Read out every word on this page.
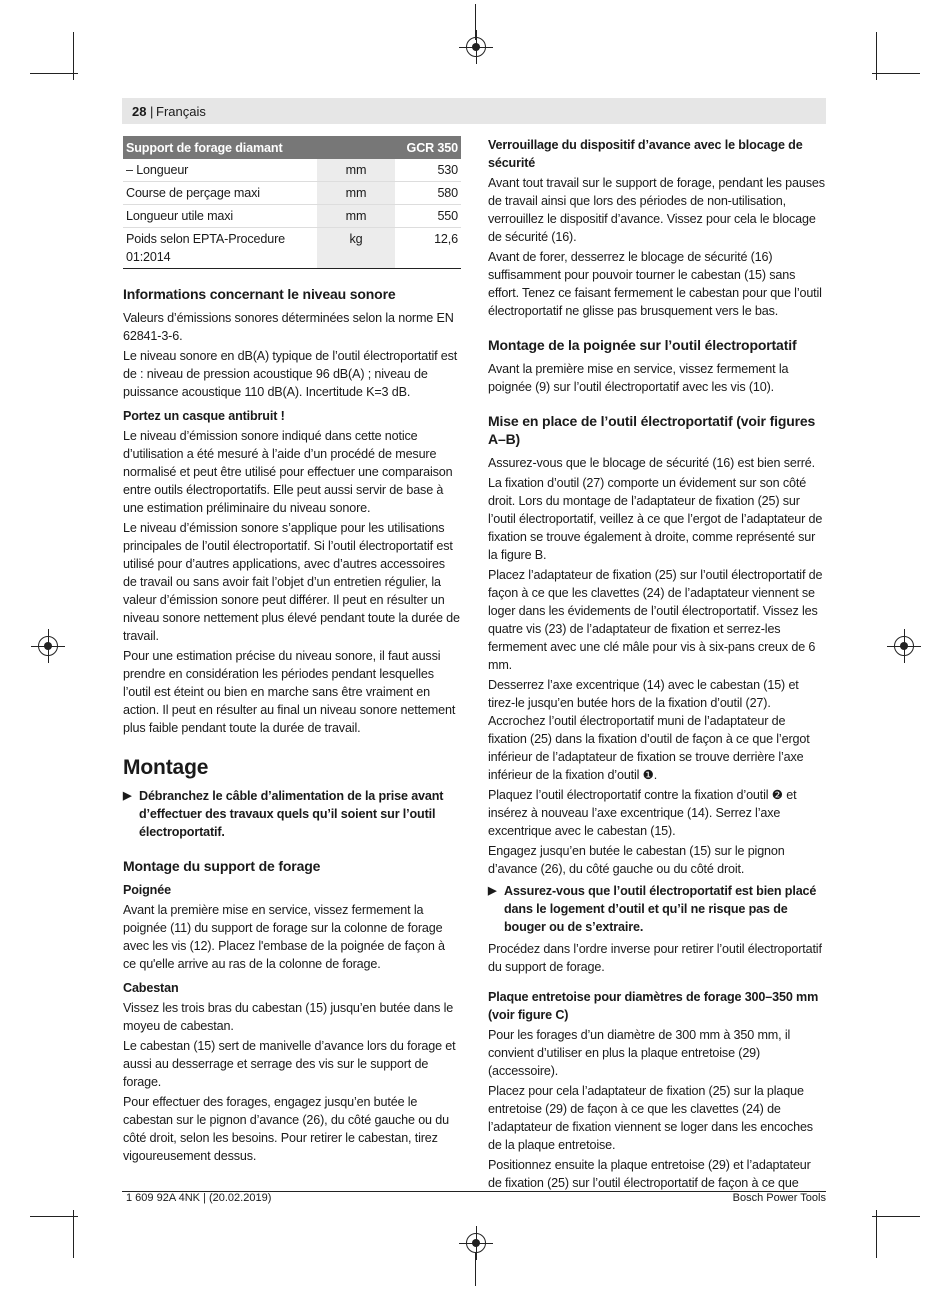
28 | Français
Support de forage diamant		GCR 350
– Longueur	mm	530
Course de perçage maxi	mm	580
Longueur utile maxi	mm	550
Poids selon EPTA-Procedure 01:2014	kg	12,6
Informations concernant le niveau sonore

Valeurs d’émissions sonores déterminées selon la norme EN 62841-3-6.

Le niveau sonore en dB(A) typique de l’outil électroportatif est de : niveau de pression acoustique 96 dB(A) ; niveau de puissance acoustique 110 dB(A). Incertitude K=3 dB.

Portez un casque antibruit !

Le niveau d’émission sonore indiqué dans cette notice d’utilisation a été mesuré à l’aide d’un procédé de mesure normalisé et peut être utilisé pour effectuer une comparaison entre outils électroportatifs. Elle peut aussi servir de base à une estimation préliminaire du niveau sonore.

Le niveau d’émission sonore s’applique pour les utilisations principales de l’outil électroportatif. Si l’outil électroportatif est utilisé pour d’autres applications, avec d’autres accessoires de travail ou sans avoir fait l’objet d’un entretien régulier, la valeur d’émission sonore peut différer. Il peut en résulter un niveau sonore nettement plus élevé pendant toute la durée de travail.

Pour une estimation précise du niveau sonore, il faut aussi prendre en considération les périodes pendant lesquelles l’outil est éteint ou bien en marche sans être vraiment en action. Il peut en résulter au final un niveau sonore nettement plus faible pendant toute la durée de travail.

Montage
▶ Débranchez le câble d’alimentation de la prise avant d’effectuer des travaux quels qu’il soient sur l’outil électroportatif.
Montage du support de forage
Poignée

Avant la première mise en service, vissez fermement la poignée (11) du support de forage sur la colonne de forage avec les vis (12). Placez l'embase de la poignée de façon à ce qu'elle arrive au ras de la colonne de forage.

Cabestan

Vissez les trois bras du cabestan (15) jusqu’en butée dans le moyeu de cabestan.

Le cabestan (15) sert de manivelle d’avance lors du forage et aussi au desserrage et serrage des vis sur le support de forage.

Pour effectuer des forages, engagez jusqu’en butée le cabestan sur le pignon d’avance (26), du côté gauche ou du côté droit, selon les besoins. Pour retirer le cabestan, tirez vigoureusement dessus.

Verrouillage du dispositif d’avance avec le blocage de sécurité

Avant tout travail sur le support de forage, pendant les pauses de travail ainsi que lors des périodes de non-utilisation, verrouillez le dispositif d’avance. Vissez pour cela le blocage de sécurité (16).

Avant de forer, desserrez le blocage de sécurité (16) suffisamment pour pouvoir tourner le cabestan (15) sans effort. Tenez ce faisant fermement le cabestan pour que l’outil électroportatif ne glisse pas brusquement vers le bas.

Montage de la poignée sur l’outil électroportatif

Avant la première mise en service, vissez fermement la poignée (9) sur l’outil électroportatif avec les vis (10).

Mise en place de l’outil électroportatif (voir figures A–B)

Assurez-vous que le blocage de sécurité (16) est bien serré.

La fixation d’outil (27) comporte un évidement sur son côté droit. Lors du montage de l’adaptateur de fixation (25) sur l’outil électroportatif, veillez à ce que l’ergot de l’adaptateur de fixation se trouve également à droite, comme représenté sur la figure B.

Placez l’adaptateur de fixation (25) sur l’outil électroportatif de façon à ce que les clavettes (24) de l’adaptateur viennent se loger dans les évidements de l’outil électroportatif. Vissez les quatre vis (23) de l’adaptateur de fixation et serrez-les fermement avec une clé mâle pour vis à six-pans creux de 6 mm.

Desserrez l’axe excentrique (14) avec le cabestan (15) et tirez-le jusqu’en butée hors de la fixation d’outil (27). Accrochez l’outil électroportatif muni de l’adaptateur de fixation (25) dans la fixation d’outil de façon à ce que l’ergot inférieur de l’adaptateur de fixation se trouve derrière l’axe inférieur de la fixation d’outil ❶.

Plaquez l’outil électroportatif contre la fixation d’outil ❷ et insérez à nouveau l’axe excentrique (14). Serrez l’axe excentrique avec le cabestan (15).

Engagez jusqu’en butée le cabestan (15) sur le pignon d’avance (26), du côté gauche ou du côté droit.

▶ Assurez-vous que l’outil électroportatif est bien placé dans le logement d’outil et qu’il ne risque pas de bouger ou de s’extraire.

Procédez dans l’ordre inverse pour retirer l’outil électroportatif du support de forage.

Plaque entretoise pour diamètres de forage 300–350 mm (voir figure C)

Pour les forages d’un diamètre de 300 mm à 350 mm, il convient d’utiliser en plus la plaque entretoise (29) (accessoire).

Placez pour cela l’adaptateur de fixation (25) sur la plaque entretoise (29) de façon à ce que les clavettes (24) de l’adaptateur de fixation viennent se loger dans les encoches de la plaque entretoise.

Positionnez ensuite la plaque entretoise (29) et l’adaptateur de fixation (25) sur l’outil électroportatif de façon à ce que

1 609 92A 4NK | (20.02.2019)	Bosch Power Tools
